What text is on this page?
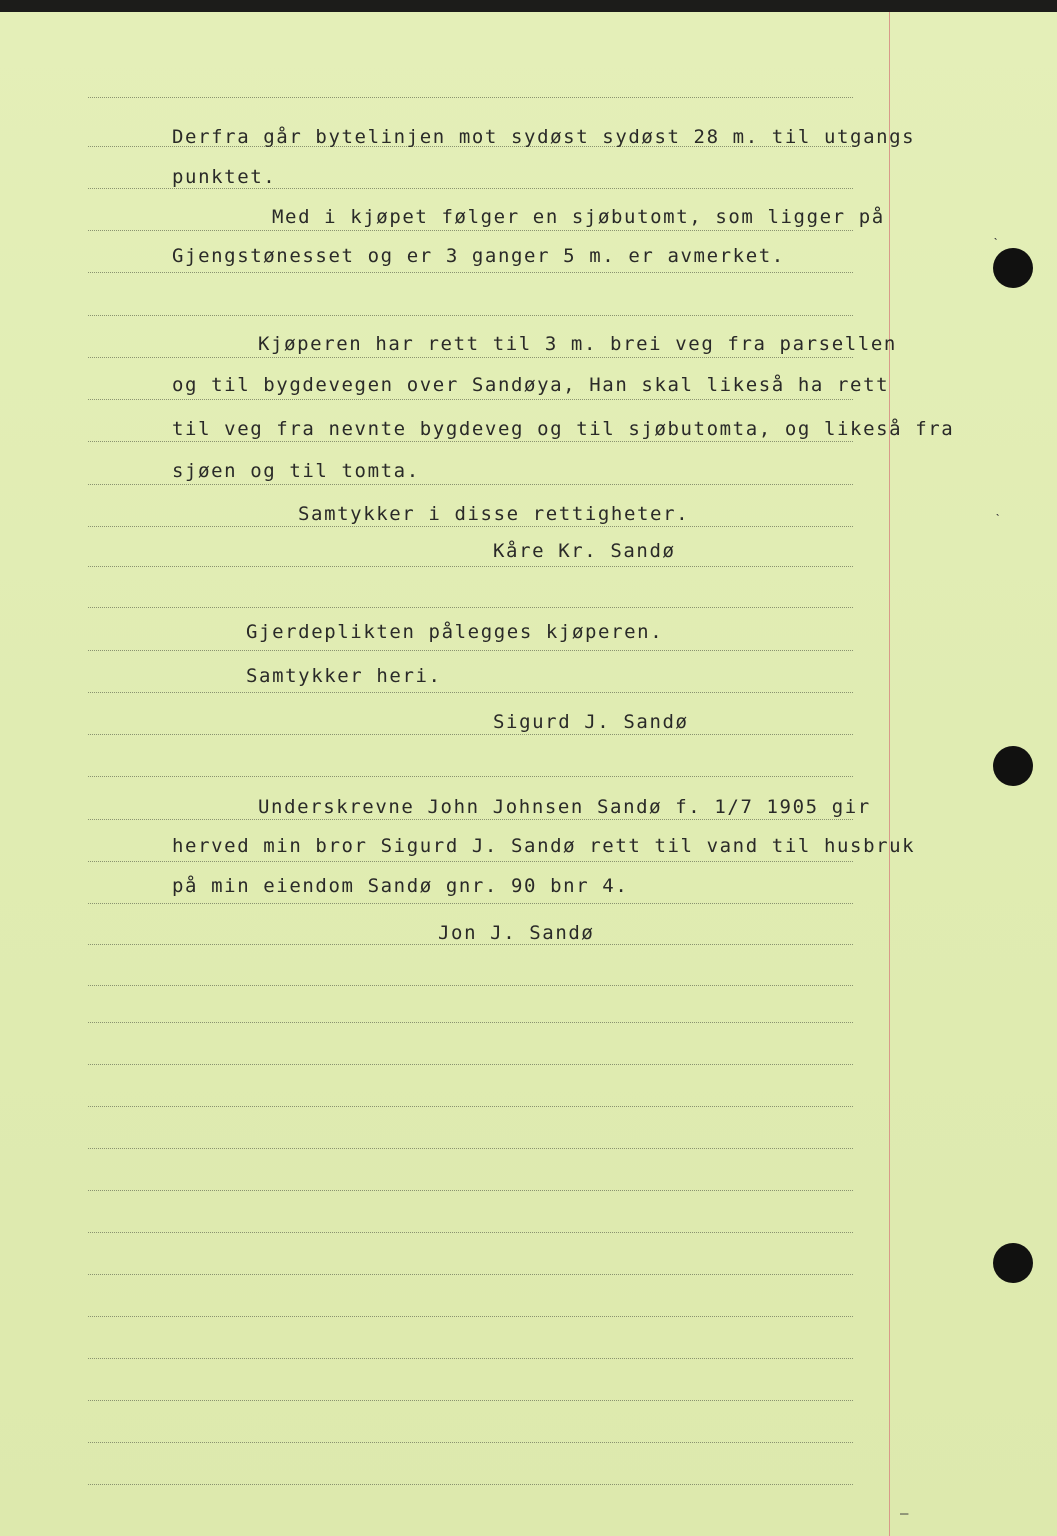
Derfra går bytelinjen mot sydøst sydøst 28 m. til utgangs
punktet.
Med i kjøpet følger en sjøbutomt, som ligger på
Gjengstønesset og er 3 ganger 5 m. er avmerket.
Kjøperen har rett til 3 m. brei veg fra parsellen
og til bygdevegen over Sandøya, Han skal likeså ha rett
til veg fra nevnte bygdeveg og til sjøbutomta, og likeså fra
sjøen og til tomta.
Samtykker i disse rettigheter.
Kåre Kr. Sandø
Gjerdeplikten pålegges kjøperen.
Samtykker heri.
Sigurd J. Sandø
Underskrevne John Johnsen Sandø f. 1/7 1905 gir
herved min bror Sigurd J. Sandø rett til vand til husbruk
på min eiendom Sandø gnr. 90 bnr 4.
Jon J. Sandø
ˋ
ˋ
—
